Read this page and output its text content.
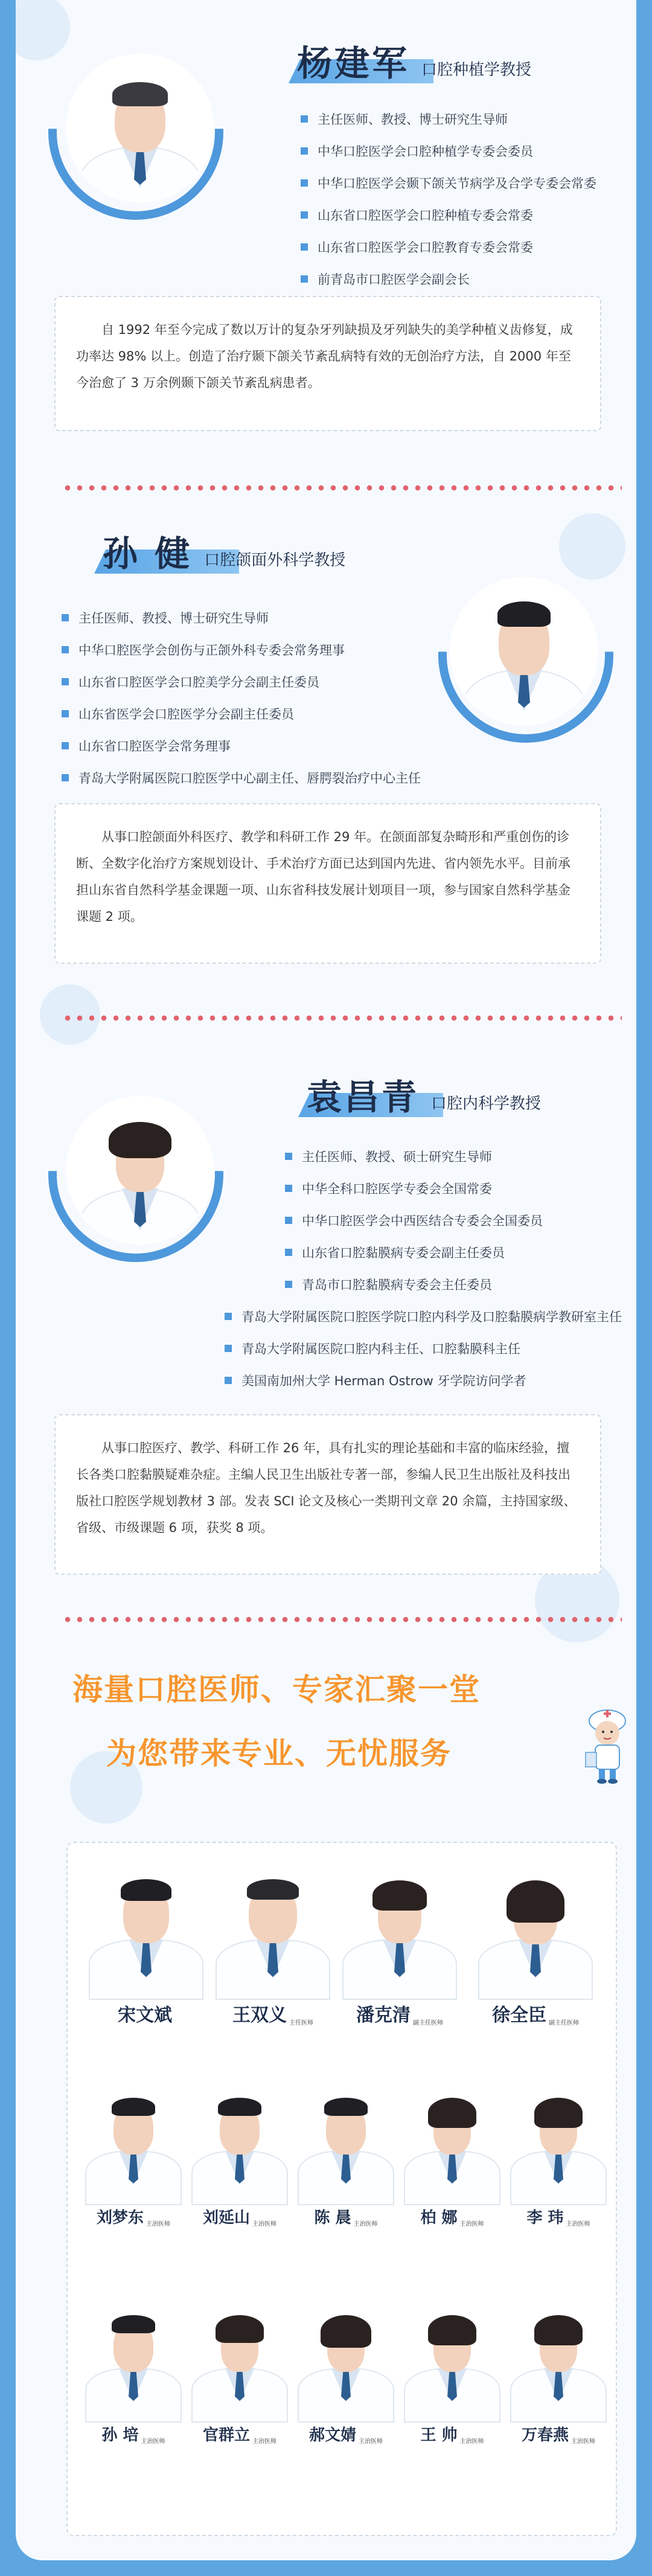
杨建军 口腔种植学教授
主任医师、教授、博士研究生导师
中华口腔医学会口腔种植学专委会委员
中华口腔医学会颞下颌关节病学及合学专委会常委
山东省口腔医学会口腔种植专委会常委
山东省口腔医学会口腔教育专委会常委
前青岛市口腔医学会副会长
自 1992 年至今完成了数以万计的复杂牙列缺损及牙列缺失的美学种植义齿修复，成功率达 98% 以上。创造了治疗颞下颌关节紊乱病特有效的无创治疗方法，自 2000 年至今治愈了 3 万余例颞下颌关节紊乱病患者。
孙 健 口腔颌面外科学教授
主任医师、教授、博士研究生导师
中华口腔医学会创伤与正颌外科专委会常务理事
山东省口腔医学会口腔美学分会副主任委员
山东省医学会口腔医学分会副主任委员
山东省口腔医学会常务理事
青岛大学附属医院口腔医学中心副主任、唇腭裂治疗中心主任
从事口腔颌面外科医疗、教学和科研工作 29 年。在颌面部复杂畸形和严重创伤的诊断、全数字化治疗方案规划设计、手术治疗方面已达到国内先进、省内领先水平。目前承担山东省自然科学基金课题一项、山东省科技发展计划项目一项，参与国家自然科学基金课题 2 项。
袁昌青 口腔内科学教授
主任医师、教授、硕士研究生导师
中华全科口腔医学专委会全国常委
中华口腔医学会中西医结合专委会全国委员
山东省口腔黏膜病专委会副主任委员
青岛市口腔黏膜病专委会主任委员
青岛大学附属医院口腔医学院口腔内科学及口腔黏膜病学教研室主任
青岛大学附属医院口腔内科主任、口腔黏膜科主任
美国南加州大学 Herman Ostrow 牙学院访问学者
从事口腔医疗、教学、科研工作 26 年，具有扎实的理论基础和丰富的临床经验，擅长各类口腔黏膜疑难杂症。主编人民卫生出版社专著一部，参编人民卫生出版社及科技出版社口腔医学规划教材 3 部。发表 SCI 论文及核心一类期刊文章 20 余篇，主持国家级、省级、市级课题 6 项，获奖 8 项。
海量口腔医师、专家汇聚一堂
为您带来专业、无忧服务
宋文斌	王双义 主任医师 潘克清 副主任医师	徐全臣 副主任医师
刘梦东 主治医师 刘延山 主治医师 陈 晨 主治医师	柏 娜 主治医师	李 玮 主治医师
孙 培 主治医师 官群立 主治医师 郝文婧 主治医师 王 帅 主治医师 万春燕 主治医师
